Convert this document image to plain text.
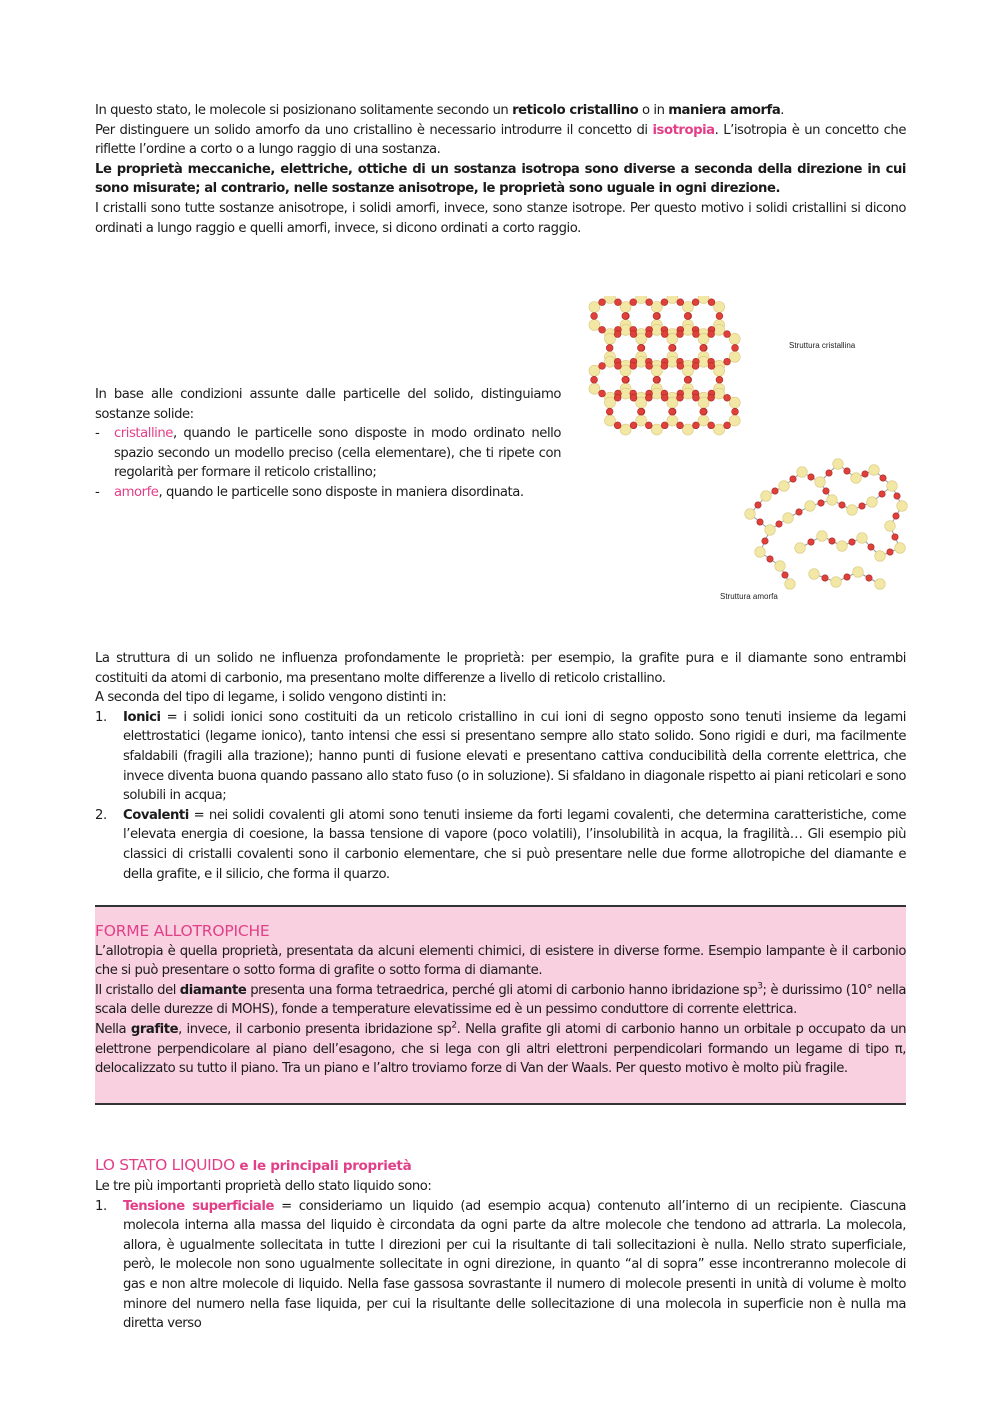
In questo stato, le molecole si posizionano solitamente secondo un reticolo cristallino o in maniera amorfa.
Per distinguere un solido amorfo da uno cristallino è necessario introdurre il concetto di isotropia. L’isotropia è un concetto che riflette l’ordine a corto o a lungo raggio di una sostanza.
Le proprietà meccaniche, elettriche, ottiche di un sostanza isotropa sono diverse a seconda della direzione in cui sono misurate; al contrario, nelle sostanze anisotrope, le proprietà sono uguale in ogni direzione.
I cristalli sono tutte sostanze anisotrope, i solidi amorfi, invece, sono stanze isotrope. Per questo motivo i solidi cristallini si dicono ordinati a lungo raggio e quelli amorfi, invece, si dicono ordinati a corto raggio.
Struttura cristallina
In base alle condizioni assunte dalle particelle del solido, distinguiamo sostanze solide:
- cristalline, quando le particelle sono disposte in modo ordinato nello spazio secondo un modello preciso (cella elementare), che ti ripete con regolarità per formare il reticolo cristallino;
- amorfe, quando le particelle sono disposte in maniera disordinata.
Struttura amorfa
La struttura di un solido ne influenza profondamente le proprietà: per esempio, la grafite pura e il diamante sono entrambi costituiti da atomi di carbonio, ma presentano molte differenze a livello di reticolo cristallino.
A seconda del tipo di legame, i solido vengono distinti in:
1. Ionici = i solidi ionici sono costituiti da un reticolo cristallino in cui ioni di segno opposto sono tenuti insieme da legami elettrostatici (legame ionico), tanto intensi che essi si presentano sempre allo stato solido. Sono rigidi e duri, ma facilmente sfaldabili (fragili alla trazione); hanno punti di fusione elevati e presentano cattiva conducibilità della corrente elettrica, che invece diventa buona quando passano allo stato fuso (o in soluzione). Si sfaldano in diagonale rispetto ai piani reticolari e sono solubili in acqua;
2. Covalenti = nei solidi covalenti gli atomi sono tenuti insieme da forti legami covalenti, che determina caratteristiche, come l’elevata energia di coesione, la bassa tensione di vapore (poco volatili), l’insolubilità in acqua, la fragilità… Gli esempio più classici di cristalli covalenti sono il carbonio elementare, che si può presentare nelle due forme allotropiche del diamante e della grafite, e il silicio, che forma il quarzo.
FORME ALLOTROPICHE
L’allotropia è quella proprietà, presentata da alcuni elementi chimici, di esistere in diverse forme. Esempio lampante è il carbonio che si può presentare o sotto forma di grafite o sotto forma di diamante.
Il cristallo del diamante presenta una forma tetraedrica, perché gli atomi di carbonio hanno ibridazione $sp^3$; è durissimo (10° nella scala delle durezze di MOHS), fonde a temperature elevatissime ed è un pessimo conduttore di corrente elettrica.
Nella grafite, invece, il carbonio presenta ibridazione $sp^2$. Nella grafite gli atomi di carbonio hanno un orbitale p occupato da un elettrone perpendicolare al piano dell’esagono, che si lega con gli altri elettroni perpendicolari formando un legame di tipo π, delocalizzato su tutto il piano. Tra un piano e l’altro troviamo forze di Van der Waals. Per questo motivo è molto più fragile.
LO STATO LIQUIDO e le principali proprietà
Le tre più importanti proprietà dello stato liquido sono:
1. Tensione superficiale = consideriamo un liquido (ad esempio acqua) contenuto all’interno di un recipiente. Ciascuna molecola interna alla massa del liquido è circondata da ogni parte da altre molecole che tendono ad attrarla. La molecola, allora, è ugualmente sollecitata in tutte l direzioni per cui la risultante di tali sollecitazioni è nulla. Nello strato superficiale, però, le molecole non sono ugualmente sollecitate in ogni direzione, in quanto “al di sopra” esse incontreranno molecole di gas e non altre molecole di liquido. Nella fase gassosa sovrastante il numero di molecole presenti in unità di volume è molto minore del numero nella fase liquida, per cui la risultante delle sollecitazione di una molecola in superficie non è nulla ma diretta verso
